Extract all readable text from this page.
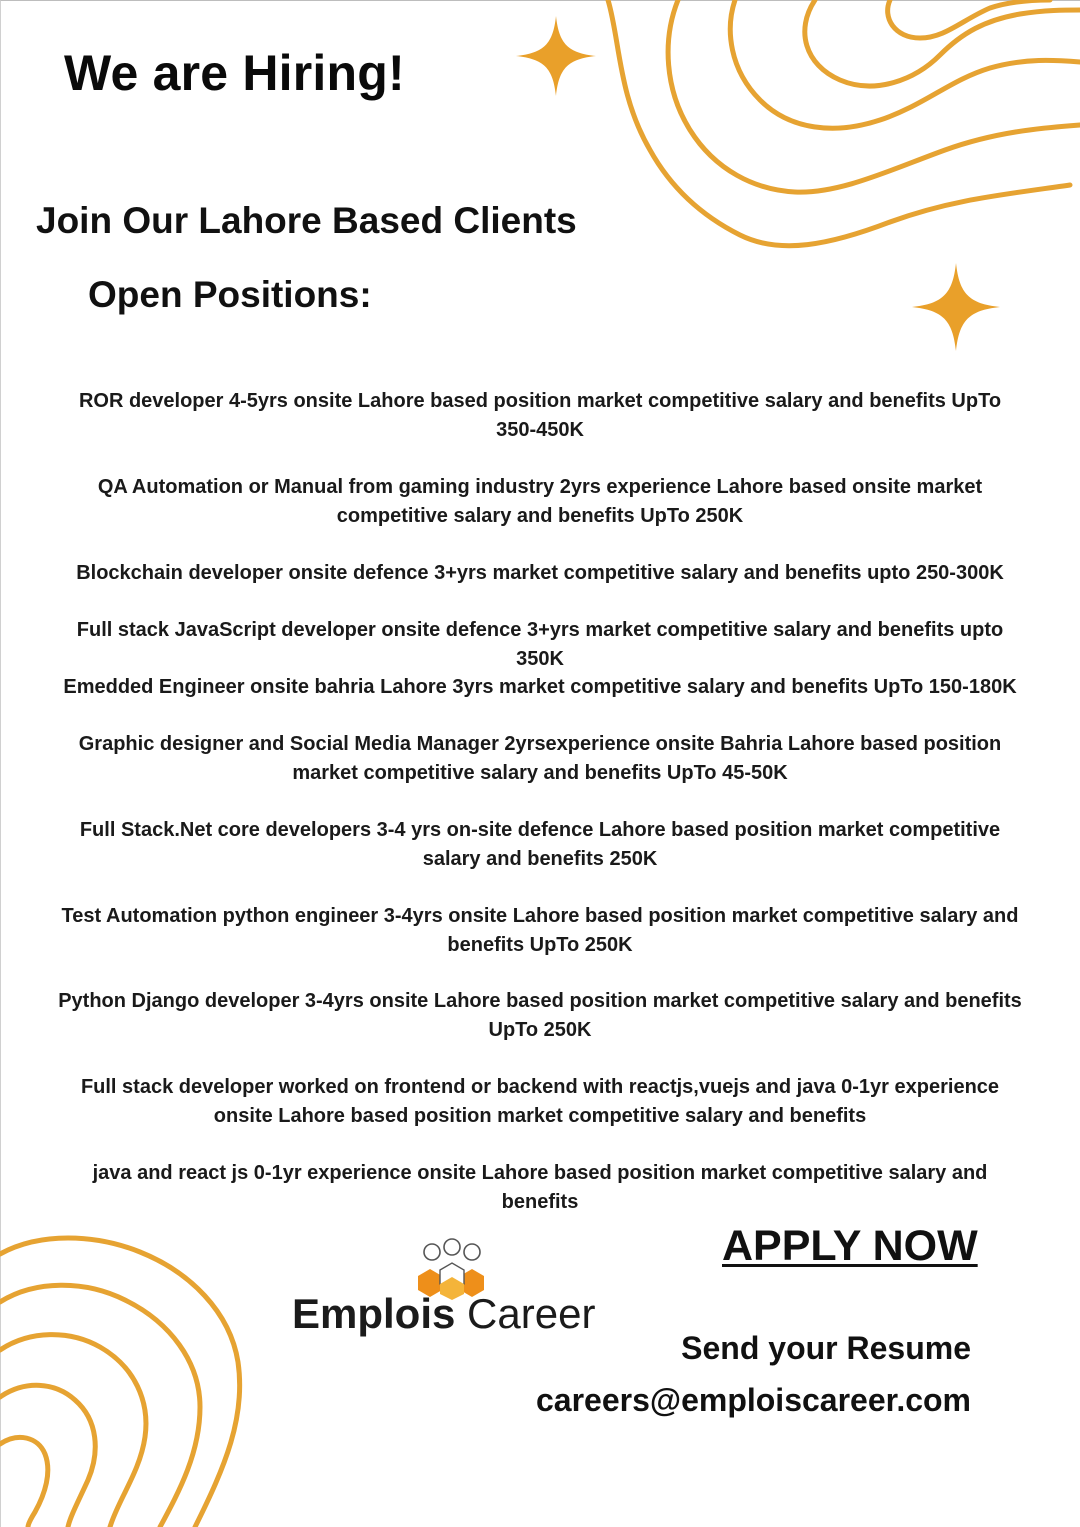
We are Hiring!
Join Our Lahore Based Clients
Open Positions:

ROR developer 4-5yrs onsite Lahore based position market competitive salary and benefits UpTo
350-450K

QA Automation or Manual from gaming industry 2yrs experience Lahore based onsite market
competitive salary and benefits UpTo 250K

Blockchain developer onsite defence 3+yrs market competitive salary and benefits upto 250-300K

Full stack JavaScript developer onsite defence 3+yrs market competitive salary and benefits upto
350K

Emedded Engineer onsite bahria Lahore 3yrs market competitive salary and benefits UpTo 150-180K

Graphic designer and Social Media Manager 2yrsexperience onsite Bahria Lahore based position
market competitive salary and benefits UpTo 45-50K

Full Stack.Net core developers 3-4 yrs on-site defence Lahore based position market competitive
salary and benefits 250K

Test Automation python engineer 3-4yrs onsite Lahore based position market competitive salary and
benefits UpTo 250K

Python Django developer 3-4yrs onsite Lahore based position market competitive salary and benefits
UpTo 250K

Full stack developer worked on frontend or backend with reactjs,vuejs and java 0-1yr experience
onsite Lahore based position market competitive salary and benefits

java and react js 0-1yr experience onsite Lahore based position market competitive salary and
benefits

Emplois Career

APPLY NOW

Send your Resume

careers@emploiscareer.com
